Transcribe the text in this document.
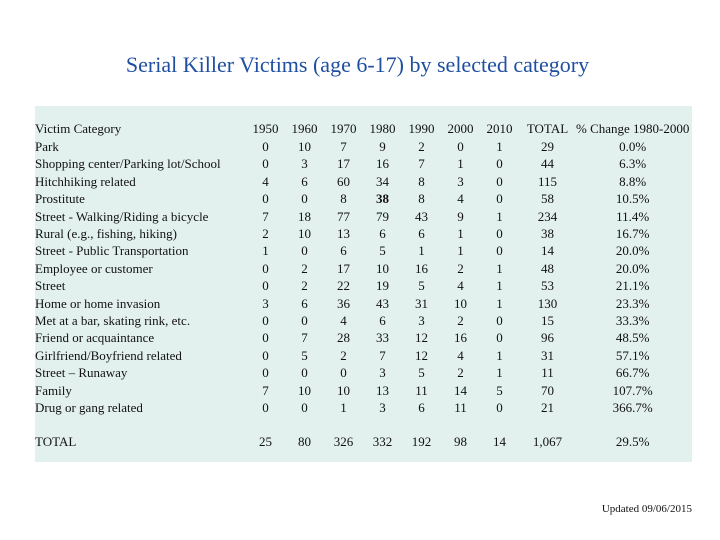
Serial Killer Victims (age 6-17) by selected category
Victim Category	1950	1960	1970	1980	1990	2000	2010	TOTAL	% Change 1980-2000
Park	0	10	7	9	2	0	1	29	0.0%
Shopping center/Parking lot/School	0	3	17	16	7	1	0	44	6.3%
Hitchhiking related	4	6	60	34	8	3	0	115	8.8%
Prostitute	0	0	8	38	8	4	0	58	10.5%
Street - Walking/Riding a bicycle	7	18	77	79	43	9	1	234	11.4%
Rural (e.g., fishing, hiking)	2	10	13	6	6	1	0	38	16.7%
Street - Public Transportation	1	0	6	5	1	1	0	14	20.0%
Employee or customer	0	2	17	10	16	2	1	48	20.0%
Street	0	2	22	19	5	4	1	53	21.1%
Home or home invasion	3	6	36	43	31	10	1	130	23.3%
Met at a bar, skating rink, etc.	0	0	4	6	3	2	0	15	33.3%
Friend or acquaintance	0	7	28	33	12	16	0	96	48.5%
Girlfriend/Boyfriend related	0	5	2	7	12	4	1	31	57.1%
Street – Runaway	0	0	0	3	5	2	1	11	66.7%
Family	7	10	10	13	11	14	5	70	107.7%
Drug or gang related	0	0	1	3	6	11	0	21	366.7%

TOTAL	25	80	326	332	192	98	14	1,067	29.5%
Updated 09/06/2015
